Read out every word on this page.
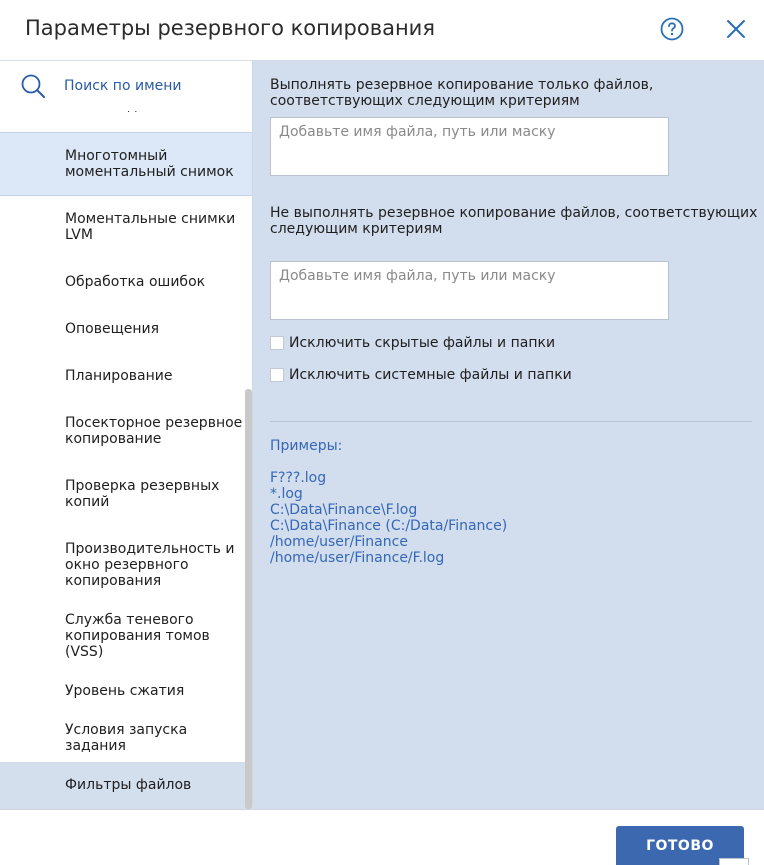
Параметры резервного копирования
Многотомный моментальный снимок
Моментальные снимки LVM
Обработка ошибок
Оповещения
Планирование
Посекторное резервное копирование
Проверка резервных копий
Производительность и окно резервного копирования
Служба теневого копирования томов (VSS)
Уровень сжатия
Условия запуска задания
Фильтры файлов
Поиск по имени
Выполнять резервное копирование только файлов, соответствующих следующим критериям
Добавьте имя файла, путь или маску
Не выполнять резервное копирование файлов, соответствующих следующим критериям
Добавьте имя файла, путь или маску
Исключить скрытые файлы и папки
Исключить системные файлы и папки
Примеры:
F???.log
*.log
C:\Data\Finance\F.log
C:\Data\Finance (C:/Data/Finance)
/home/user/Finance
/home/user/Finance/F.log
ГОТОВО
